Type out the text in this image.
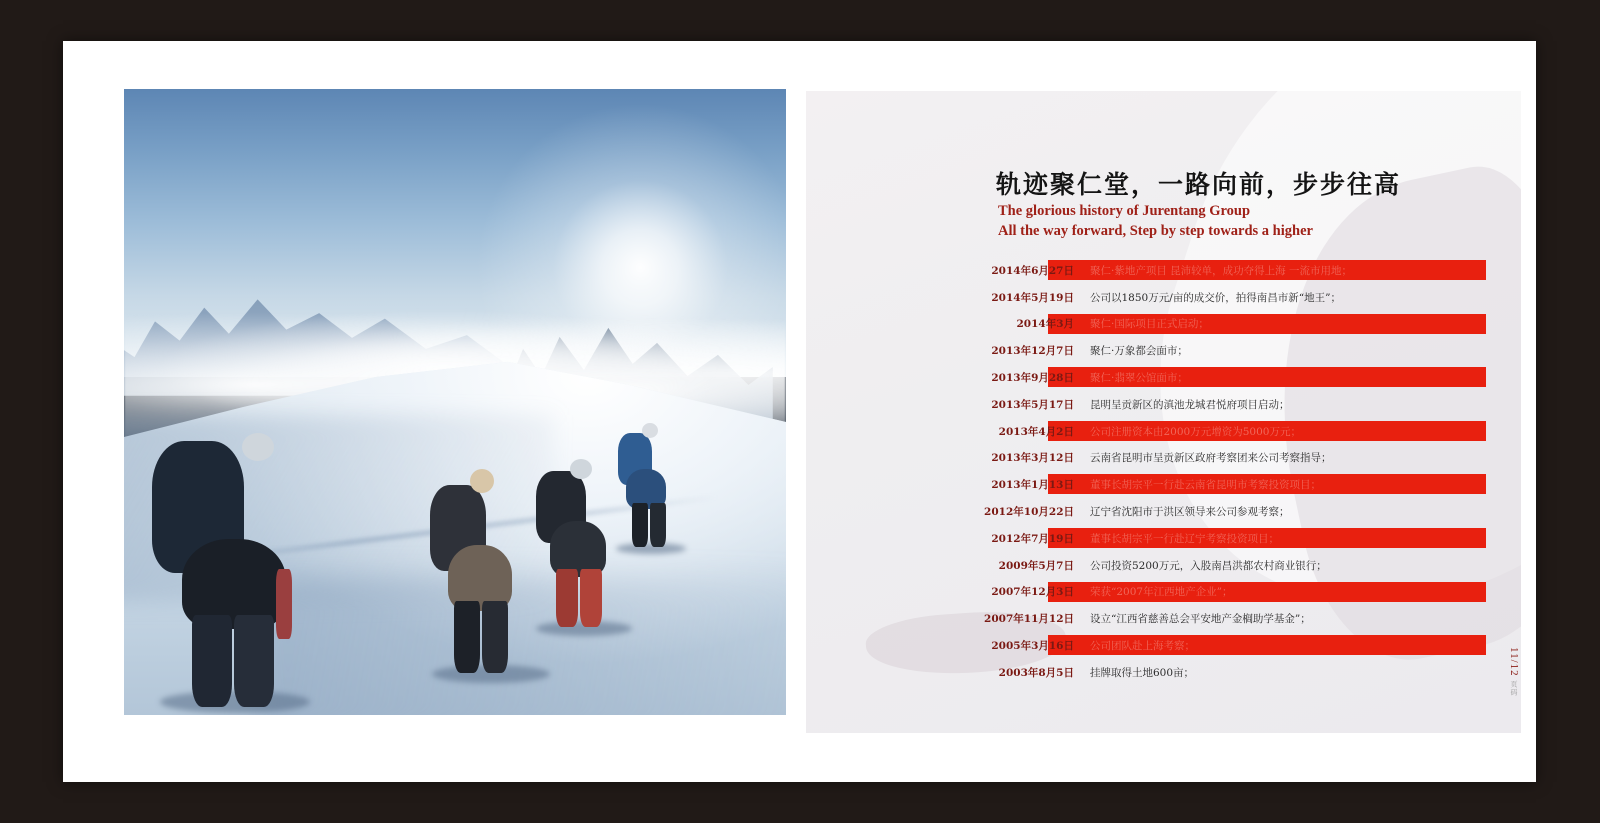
轨迹聚仁堂，一路向前，步步往高
The glorious history of Jurentang Group
All the way forward, Step by step towards a higher
2014年6月27日	聚仁·紫地产项目 昆沛较单，成功夺得上海 一流市用地；
2014年5月19日	公司以1850万元/亩的成交价，拍得南昌市新“地王”；
2014年3月	聚仁·国际项目正式启动；
2013年12月7日	聚仁·万象都会面市；
2013年9月28日	聚仁·翡翠公馆面市；
2013年5月17日	昆明呈贡新区的滇池龙城君悦府项目启动；
2013年4月2日	公司注册资本由2000万元增资为5000万元；
2013年3月12日	云南省昆明市呈贡新区政府考察团来公司考察指导；
2013年1月13日	董事长胡宗平一行赴云南省昆明市考察投资项目；
2012年10月22日	辽宁省沈阳市于洪区领导来公司参观考察；
2012年7月19日	董事长胡宗平一行赴辽宁考察投资项目；
2009年5月7日	公司投资5200万元，入股南昌洪都农村商业银行；
2007年12月3日	荣获“2007年江西地产企业”；
2007年11月12日	设立“江西省慈善总会平安地产金榈助学基金”；
2005年3月16日	公司团队赴上海考察；
2003年8月5日	挂牌取得土地600亩；	11/12 页码
